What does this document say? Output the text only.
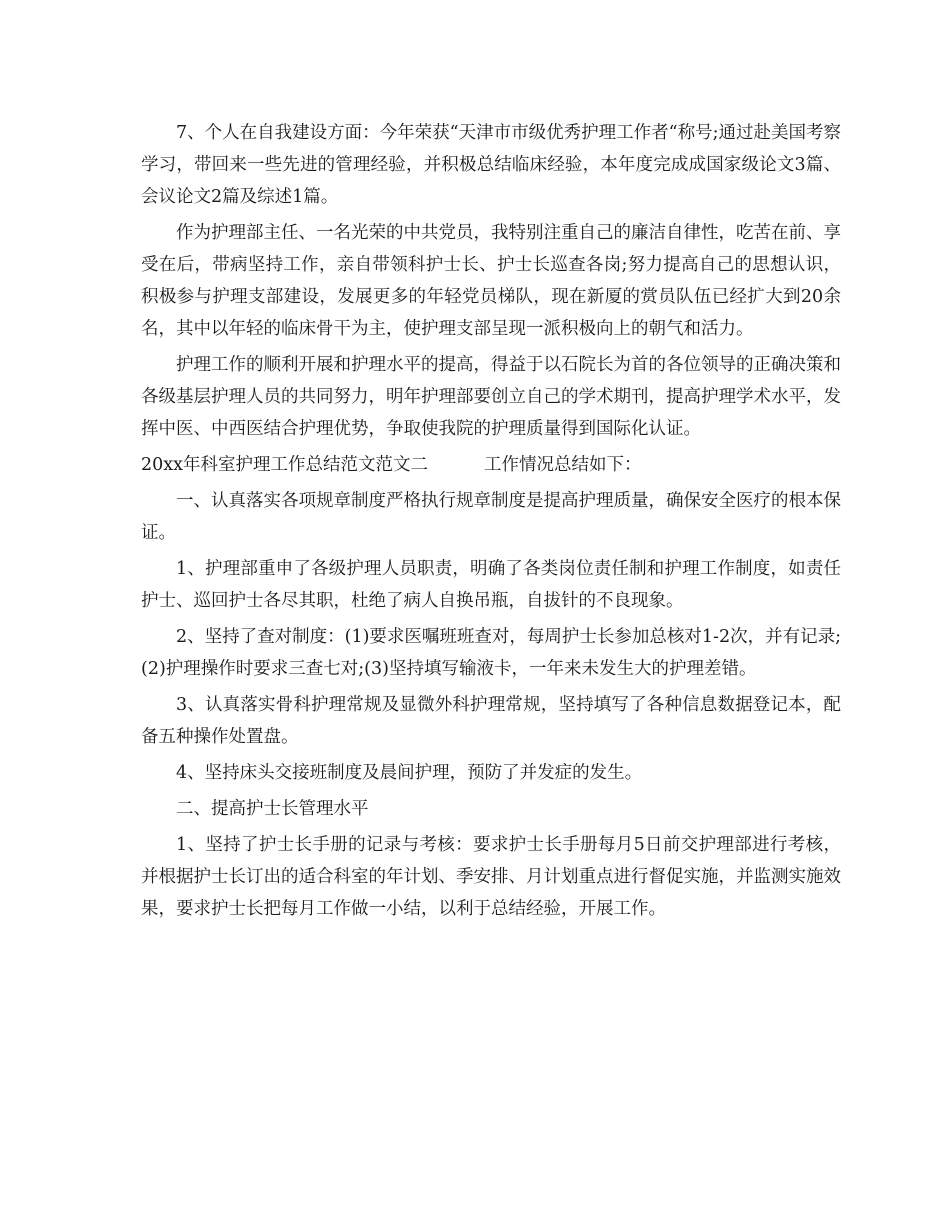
7、个人在自我建设方面：今年荣获“天津市市级优秀护理工作者“称号;通过赴美国考察学习，带回来一些先进的管理经验，并积极总结临床经验，本年度完成成国家级论文3篇、会议论文2篇及综述1篇。

作为护理部主任、一名光荣的中共党员，我特别注重自己的廉洁自律性，吃苦在前、享受在后，带病坚持工作，亲自带领科护士长、护士长巡查各岗;努力提高自己的思想认识，积极参与护理支部建设，发展更多的年轻党员梯队，现在新厦的赏员队伍已经扩大到20余名，其中以年轻的临床骨干为主，使护理支部呈现一派积极向上的朝气和活力。

护理工作的顺利开展和护理水平的提高，得益于以石院长为首的各位领导的正确决策和各级基层护理人员的共同努力，明年护理部要创立自己的学术期刊，提高护理学术水平，发挥中医、中西医结合护理优势，争取使我院的护理质量得到国际化认证。

20xx年科室护理工作总结范文范文二	工作情况总结如下：

一、认真落实各项规章制度严格执行规章制度是提高护理质量，确保安全医疗的根本保证。

1、护理部重申了各级护理人员职责，明确了各类岗位责任制和护理工作制度，如责任护士、巡回护士各尽其职，杜绝了病人自换吊瓶，自拔针的不良现象。

2、坚持了查对制度：(1)要求医嘱班班查对，每周护士长参加总核对1-2次，并有记录;(2)护理操作时要求三查七对;(3)坚持填写输液卡，一年来未发生大的护理差错。

3、认真落实骨科护理常规及显微外科护理常规，坚持填写了各种信息数据登记本，配备五种操作处置盘。

4、坚持床头交接班制度及晨间护理，预防了并发症的发生。

二、提高护士长管理水平

1、坚持了护士长手册的记录与考核：要求护士长手册每月5日前交护理部进行考核，并根据护士长订出的适合科室的年计划、季安排、月计划重点进行督促实施，并监测实施效果，要求护士长把每月工作做一小结，以利于总结经验，开展工作。
